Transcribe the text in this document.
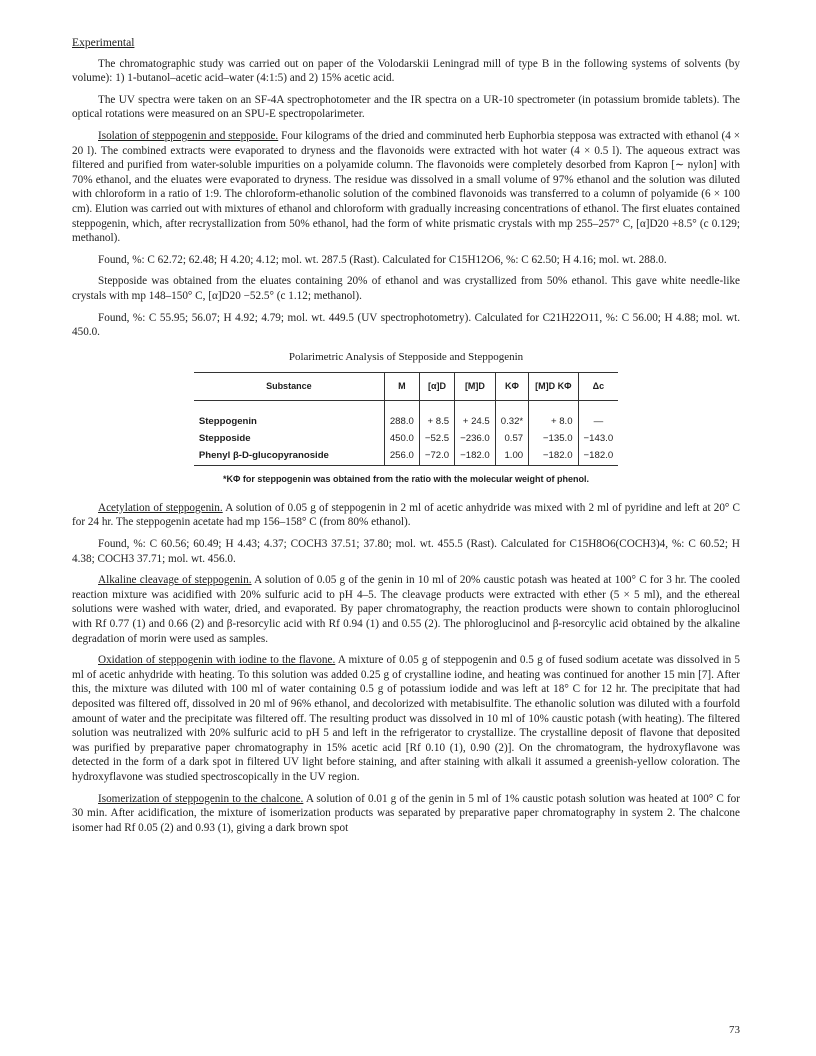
Experimental

The chromatographic study was carried out on paper of the Volodarskii Leningrad mill of type B in the following systems of solvents (by volume): 1) 1-butanol–acetic acid–water (4:1:5) and 2) 15% acetic acid.

The UV spectra were taken on an SF-4A spectrophotometer and the IR spectra on a UR-10 spectrometer (in potassium bromide tablets). The optical rotations were measured on an SPU-E spectropolarimeter.

Isolation of steppogenin and stepposide. Four kilograms of the dried and comminuted herb Euphorbia stepposa was extracted with ethanol (4 × 20 l). The combined extracts were evaporated to dryness and the flavonoids were extracted with hot water (4 × 0.5 l). The aqueous extract was filtered and purified from water-soluble impurities on a polyamide column. The flavonoids were completely desorbed from Kapron [∼ nylon] with 70% ethanol, and the eluates were evaporated to dryness. The residue was dissolved in a small volume of 97% ethanol and the solution was diluted with chloroform in a ratio of 1:9. The chloroform-ethanolic solution of the combined flavonoids was transferred to a column of polyamide (6 × 100 cm). Elution was carried out with mixtures of ethanol and chloroform with gradually increasing concentrations of ethanol. The first eluates contained steppogenin, which, after recrystallization from 50% ethanol, had the form of white prismatic crystals with mp 255–257° C, [α]D20 +8.5° (c 0.129; methanol).

Found, %: C 62.72; 62.48; H 4.20; 4.12; mol. wt. 287.5 (Rast). Calculated for C15H12O6, %: C 62.50; H 4.16; mol. wt. 288.0.

Stepposide was obtained from the eluates containing 20% of ethanol and was crystallized from 50% ethanol. This gave white needle-like crystals with mp 148–150° C, [α]D20 −52.5° (c 1.12; methanol).

Found, %: C 55.95; 56.07; H 4.92; 4.79; mol. wt. 449.5 (UV spectrophotometry). Calculated for C21H22O11, %: C 56.00; H 4.88; mol. wt. 450.0.

Polarimetric Analysis of Stepposide and Steppogenin
Substance	M	[α]D	[M]D	KΦ	[M]D KΦ	Δc

Steppogenin	288.0	+ 8.5	+ 24.5	0.32*	+ 8.0	—
Stepposide	450.0	−52.5	−236.0	0.57	−135.0	−143.0
Phenyl β-D-glucopyranoside	256.0	−72.0	−182.0	1.00	−182.0	−182.0
*KΦ for steppogenin was obtained from the ratio with the molecular weight of phenol.

Acetylation of steppogenin. A solution of 0.05 g of steppogenin in 2 ml of acetic anhydride was mixed with 2 ml of pyridine and left at 20° C for 24 hr. The steppogenin acetate had mp 156–158° C (from 80% ethanol).

Found, %: C 60.56; 60.49; H 4.43; 4.37; COCH3 37.51; 37.80; mol. wt. 455.5 (Rast). Calculated for C15H8O6(COCH3)4, %: C 60.52; H 4.38; COCH3 37.71; mol. wt. 456.0.

Alkaline cleavage of steppogenin. A solution of 0.05 g of the genin in 10 ml of 20% caustic potash was heated at 100° C for 3 hr. The cooled reaction mixture was acidified with 20% sulfuric acid to pH 4–5. The cleavage products were extracted with ether (5 × 5 ml), and the ethereal solutions were washed with water, dried, and evaporated. By paper chromatography, the reaction products were shown to contain phloroglucinol with Rf 0.77 (1) and 0.66 (2) and β-resorcylic acid with Rf 0.94 (1) and 0.55 (2). The phloroglucinol and β-resorcylic acid obtained by the alkaline degradation of morin were used as samples.

Oxidation of steppogenin with iodine to the flavone. A mixture of 0.05 g of steppogenin and 0.5 g of fused sodium acetate was dissolved in 5 ml of acetic anhydride with heating. To this solution was added 0.25 g of crystalline iodine, and heating was continued for another 15 min [7]. After this, the mixture was diluted with 100 ml of water containing 0.5 g of potassium iodide and was left at 18° C for 12 hr. The precipitate that had deposited was filtered off, dissolved in 20 ml of 96% ethanol, and decolorized with metabisulfite. The ethanolic solution was diluted with a fourfold amount of water and the precipitate was filtered off. The resulting product was dissolved in 10 ml of 10% caustic potash (with heating). The filtered solution was neutralized with 20% sulfuric acid to pH 5 and left in the refrigerator to crystallize. The crystalline deposit of flavone that deposited was purified by preparative paper chromatography in 15% acetic acid [Rf 0.10 (1), 0.90 (2)]. On the chromatogram, the hydroxyflavone was detected in the form of a dark spot in filtered UV light before staining, and after staining with alkali it assumed a greenish-yellow coloration. The hydroxyflavone was studied spectroscopically in the UV region.

Isomerization of steppogenin to the chalcone. A solution of 0.01 g of the genin in 5 ml of 1% caustic potash solution was heated at 100° C for 30 min. After acidification, the mixture of isomerization products was separated by preparative paper chromatography in system 2. The chalcone isomer had Rf 0.05 (2) and 0.93 (1), giving a dark brown spot

73
